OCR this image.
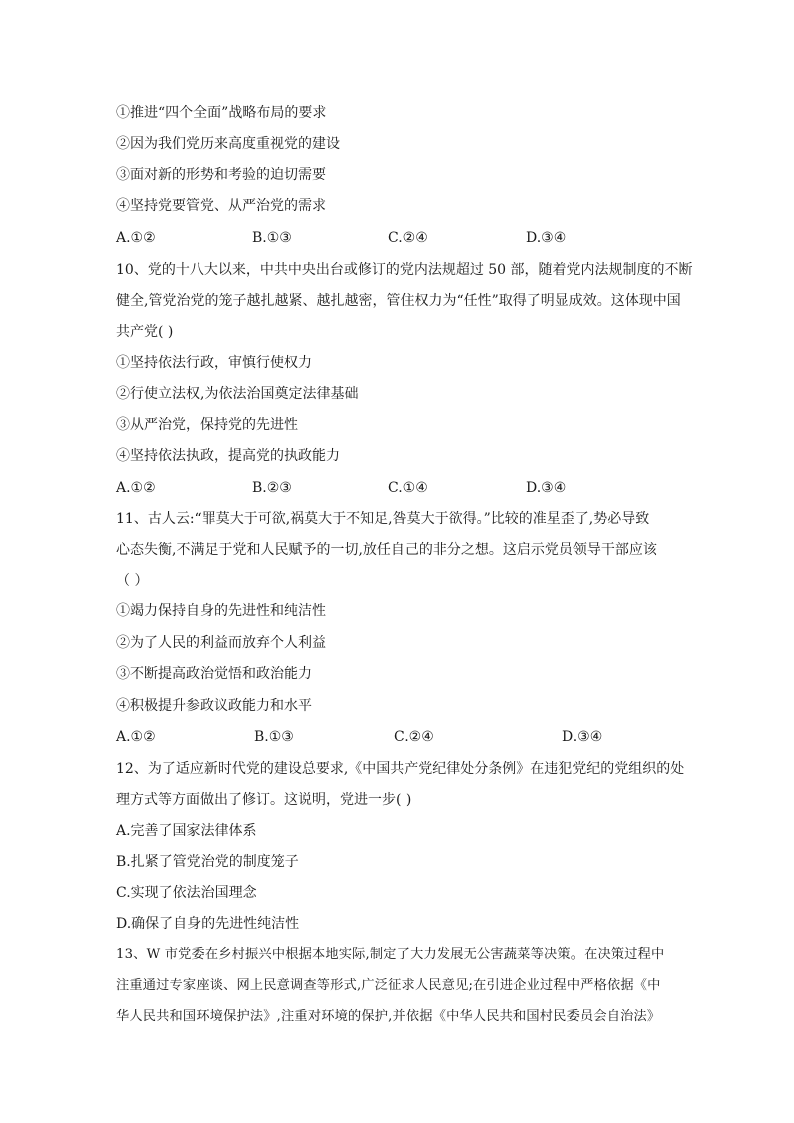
①推进“四个全面”战略布局的要求
②因为我们党历来高度重视党的建设
③面对新的形势和考验的迫切需要
④坚持党要管党、从严治党的需求
A.①②	B.①③	C.②④	D.③④
10、党的十八大以来，中共中央出台或修订的党内法规超过 50 部，随着党内法规制度的不断
健全,管党治党的笼子越扎越紧、越扎越密，管住权力为“任性”取得了明显成效。这体现中国
共产党( )
①坚持依法行政，审慎行使权力
②行使立法权,为依法治国奠定法律基础
③从严治党，保持党的先进性
④坚持依法执政，提高党的执政能力
A.①②	B.②③	C.①④	D.③④
11、古人云:“罪莫大于可欲,祸莫大于不知足,咎莫大于欲得。”比较的准星歪了,势必导致
心态失衡,不满足于党和人民赋予的一切,放任自己的非分之想。这启示党员领导干部应该
（ ）
①竭力保持自身的先进性和纯洁性
②为了人民的利益而放弃个人利益
③不断提高政治觉悟和政治能力
④积极提升参政议政能力和水平
A.①②	B.①③	C.②④	D.③④
12、为了适应新时代党的建设总要求,《中国共产党纪律处分条例》在违犯党纪的党组织的处
理方式等方面做出了修订。这说明，党进一步( )
A.完善了国家法律体系
B.扎紧了管党治党的制度笼子
C.实现了依法治国理念
D.确保了自身的先进性纯洁性
13、W 市党委在乡村振兴中根据本地实际,制定了大力发展无公害蔬菜等决策。在决策过程中
注重通过专家座谈、网上民意调查等形式,广泛征求人民意见;在引进企业过程中严格依据《中
华人民共和国环境保护法》,注重对环境的保护,并依据《中华人民共和国村民委员会自治法》
